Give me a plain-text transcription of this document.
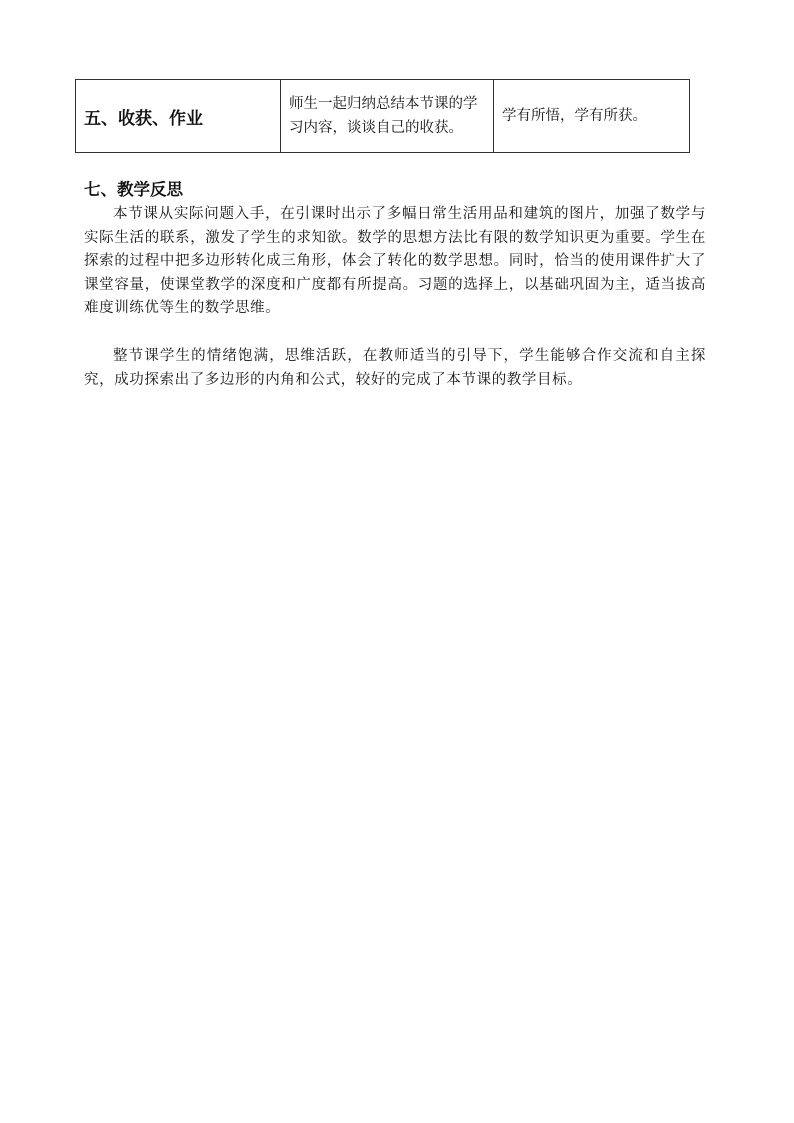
五、收获、作业	师生一起归纳总结本节课的学习内容，谈谈自己的收获。	学有所悟，学有所获。
七、教学反思

本节课从实际问题入手，在引课时出示了多幅日常生活用品和建筑的图片，加强了数学与实际生活的联系，激发了学生的求知欲。数学的思想方法比有限的数学知识更为重要。学生在探索的过程中把多边形转化成三角形，体会了转化的数学思想。同时，恰当的使用课件扩大了课堂容量，使课堂教学的深度和广度都有所提高。习题的选择上，以基础巩固为主，适当拔高难度训练优等生的数学思维。

整节课学生的情绪饱满，思维活跃，在教师适当的引导下，学生能够合作交流和自主探究，成功探索出了多边形的内角和公式，较好的完成了本节课的教学目标。
